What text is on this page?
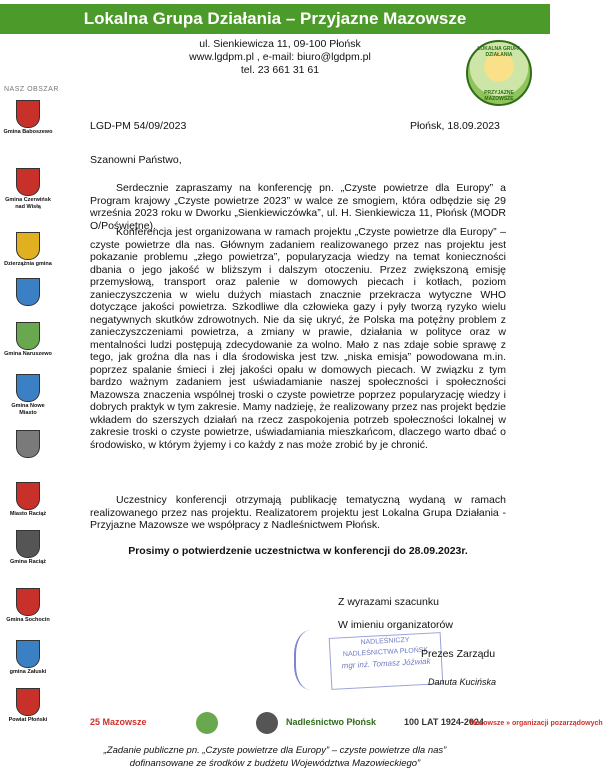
Lokalna Grupa Działania – Przyjazne Mazowsze
ul. Sienkiewicza 11, 09-100 Płońsk
www.lgdpm.pl , e-mail: biuro@lgdpm.pl
tel. 23 661 31 61
LOKALNA GRUPA DZIAŁANIA
PRZYJAZNE MAZOWSZE
NASZ OBSZAR
Gmina Baboszewo
Gmina Czerwińsk nad Wisłą
Dzierzążnia gmina
Gmina Naruszewo
Gmina Nowe Miasto
Miasto Raciąż
Gmina Raciąż
Gmina Sochocin
gmina Załuski
Powiat Płoński
LGD-PM 54/09/2023	Płońsk, 18.09.2023
Szanowni Państwo,
Serdecznie zapraszamy na konferencję pn. „Czyste powietrze dla Europy” a Program krajowy „Czyste powietrze 2023” w walce ze smogiem, która odbędzie się 29 września 2023 roku w Dworku „Sienkiewiczówka”, ul. H. Sienkiewicza 11, Płońsk (MODR O/Poświętne).
Konferencja jest organizowana w ramach projektu „Czyste powietrze dla Europy” – czyste powietrze dla nas. Głównym zadaniem realizowanego przez nas projektu jest pokazanie problemu „złego powietrza”, popularyzacja wiedzy na temat konieczności dbania o jego jakość w bliższym i dalszym otoczeniu. Przez zwiększoną emisję przemysłową, transport oraz palenie w domowych piecach i kotłach, poziom zanieczyszczenia w wielu dużych miastach znacznie przekracza wytyczne WHO dotyczące jakości powietrza. Szkodliwe dla człowieka gazy i pyły tworzą ryzyko wielu negatywnych skutków zdrowotnych. Nie da się ukryć, że Polska ma potężny problem z zanieczyszczeniami powietrza, a zmiany w prawie, działania w polityce oraz w mentalności ludzi postępują zdecydowanie za wolno. Mało z nas zdaje sobie sprawę z tego, jak groźna dla nas i dla środowiska jest tzw. „niska emisja” powodowana m.in. poprzez spalanie śmieci i złej jakości opału w domowych piecach. W związku z tym bardzo ważnym zadaniem jest uświadamianie naszej społeczności i społeczności Mazowsza znaczenia wspólnej troski o czyste powietrze poprzez popularyzację wiedzy i dobrych praktyk w tym zakresie. Mamy nadzieję, że realizowany przez nas projekt będzie wkładem do szerszych działań na rzecz zaspokojenia potrzeb społeczności lokalnej w zakresie troski o czyste powietrze, uświadamiania mieszkańcom, dlaczego warto dbać o środowisko, w którym żyjemy i co każdy z nas może zrobić by je chronić.
Uczestnicy konferencji otrzymają publikację tematyczną wydaną w ramach realizowanego przez nas projektu. Realizatorem projektu jest Lokalna Grupa Działania - Przyjazne Mazowsze we współpracy z Nadleśnictwem Płońsk.
Prosimy o potwierdzenie uczestnictwa w konferencji do 28.09.2023r.
Z wyrazami szacunku
W imieniu organizatorów
NADLEŚNICZY
NADLEŚNICTWA PŁOŃSK
mgr inż. Tomasz Jóźwiak
Prezes Zarządu
Danuta Kucińska
25 Mazowsze	Nadleśnictwo Płońsk	100 LAT 1924-2024
Mazowsze » organizacji pozarządowych
„Zadanie publiczne pn. „Czyste powietrze dla Europy” – czyste powietrze dla nas”
dofinansowane ze środków z budżetu Województwa Mazowieckiego”
